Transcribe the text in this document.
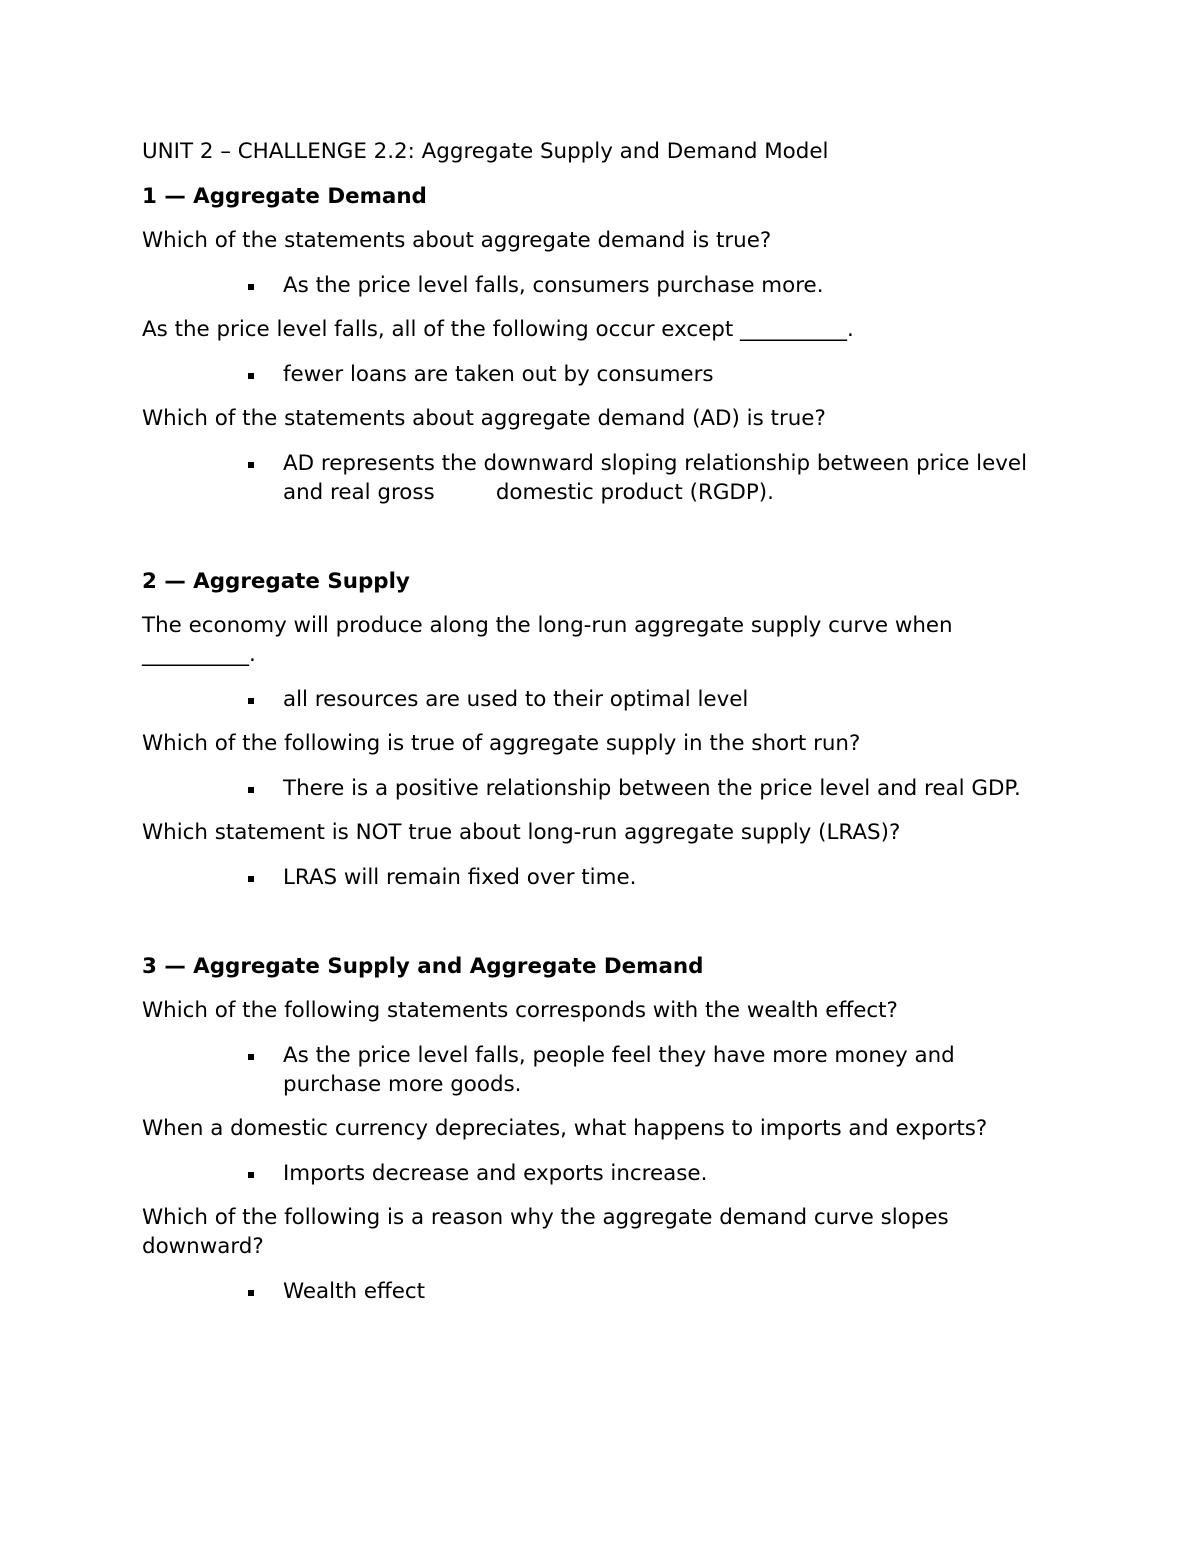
UNIT 2 – CHALLENGE 2.2: Aggregate Supply and Demand Model
1 — Aggregate Demand
Which of the statements about aggregate demand is true?
As the price level falls, consumers purchase more.
As the price level falls, all of the following occur except __________.
fewer loans are taken out by consumers
Which of the statements about aggregate demand (AD) is true?
AD represents the downward sloping relationship between price level
and real gross         domestic product (RGDP).
2 — Aggregate Supply
The economy will produce along the long-run aggregate supply curve when
__________.
all resources are used to their optimal level
Which of the following is true of aggregate supply in the short run?
There is a positive relationship between the price level and real GDP.
Which statement is NOT true about long-run aggregate supply (LRAS)?
LRAS will remain fixed over time.
3 — Aggregate Supply and Aggregate Demand
Which of the following statements corresponds with the wealth effect?
As the price level falls, people feel they have more money and
purchase more goods.
When a domestic currency depreciates, what happens to imports and exports?
Imports decrease and exports increase.
Which of the following is a reason why the aggregate demand curve slopes
downward?
Wealth effect
